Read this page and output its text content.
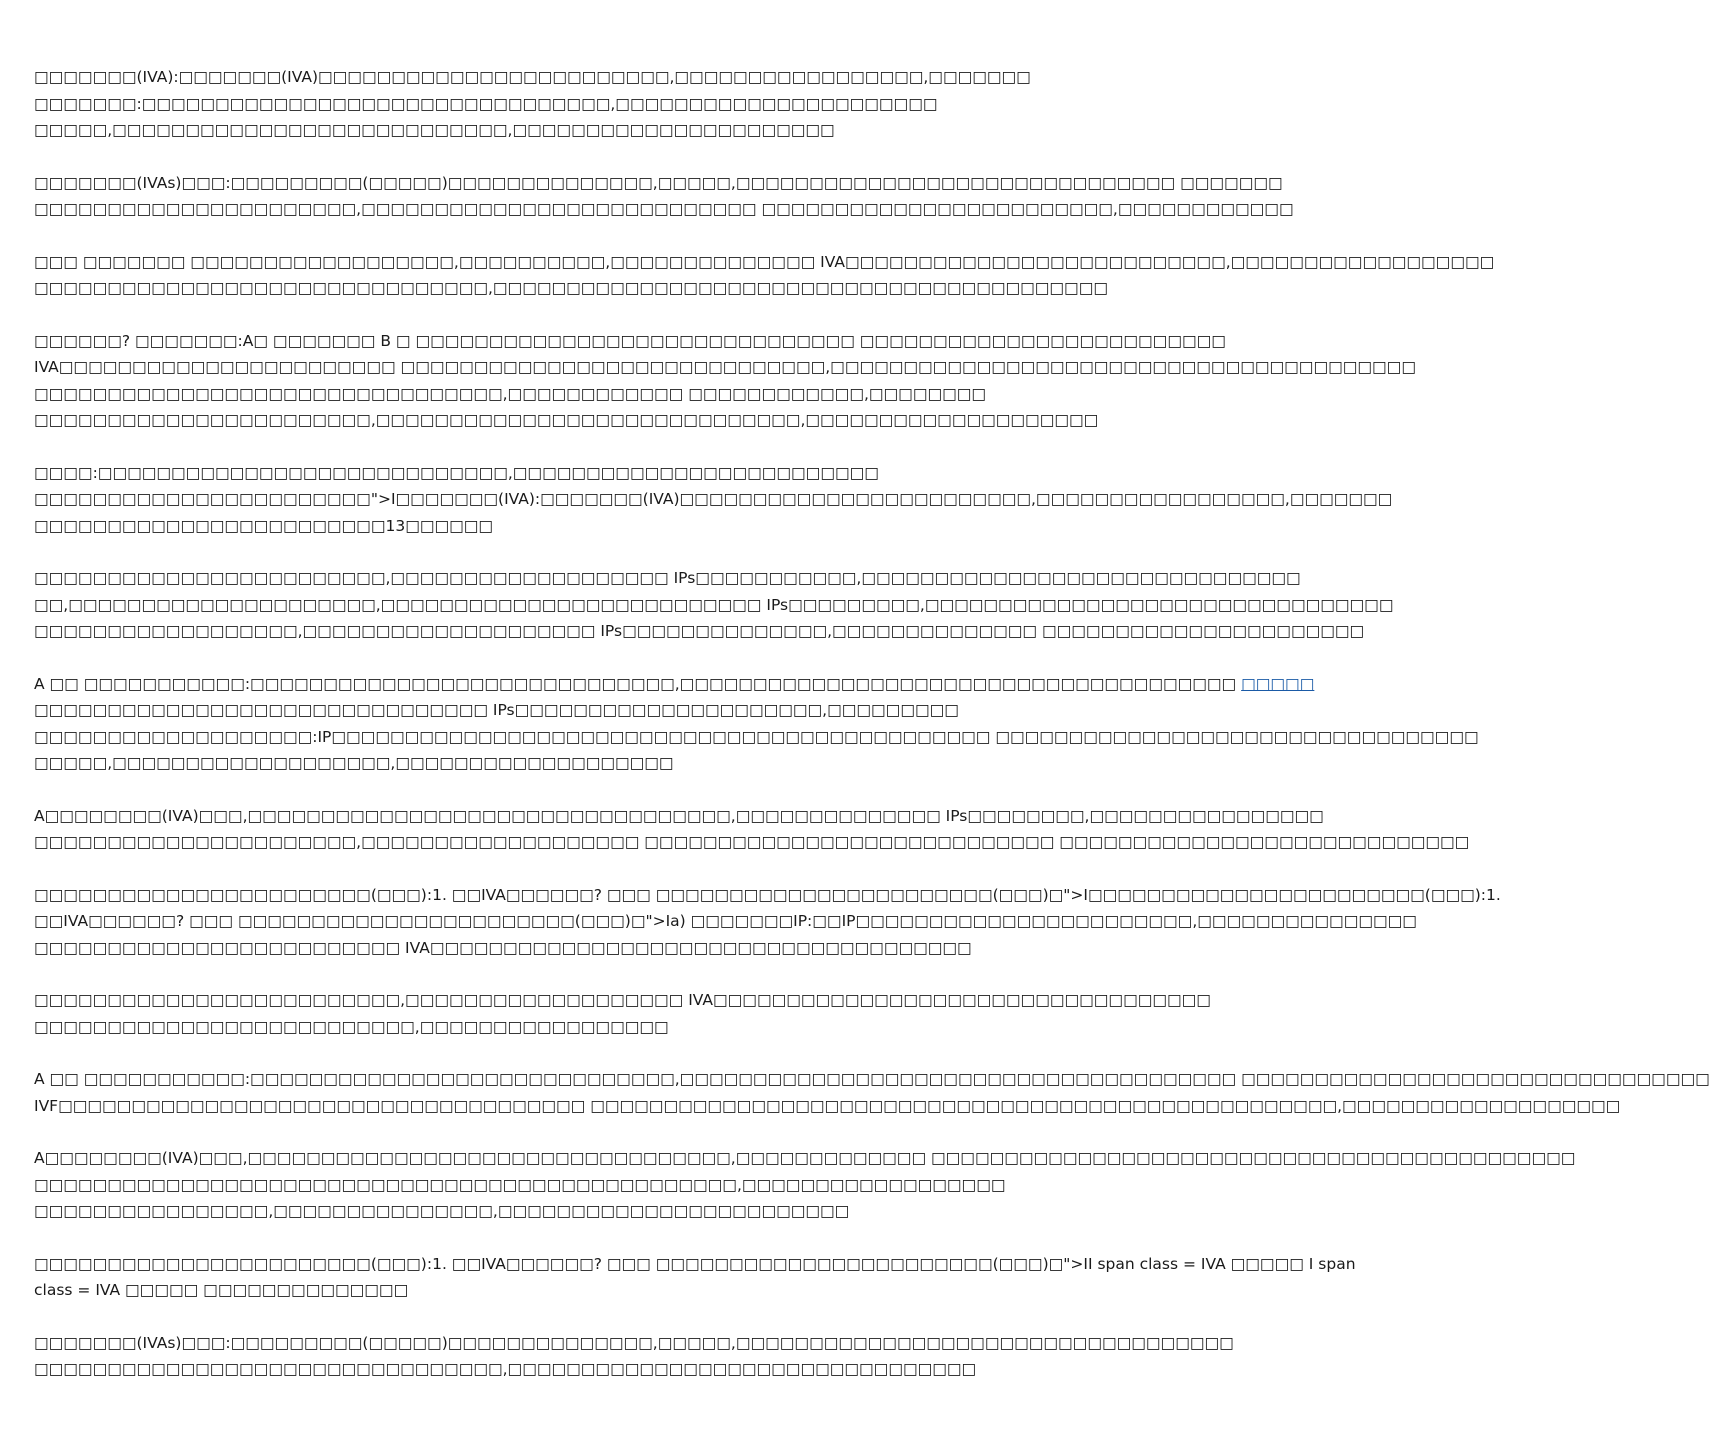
□□□□□□□(IVA):□□□□□□□(IVA)□□□□□□□□□□□□□□□□□□□□□□□□,□□□□□□□□□□□□□□□□□,□□□□□□□
□□□□□□□:□□□□□□□□□□□□□□□□□□□□□□□□□□□□□□□□,□□□□□□□□□□□□□□□□□□□□□□
□□□□□,□□□□□□□□□□□□□□□□□□□□□□□□□□□,□□□□□□□□□□□□□□□□□□□□□□

□□□□□□□(IVAs)□□□:□□□□□□□□□(□□□□□)□□□□□□□□□□□□□□,□□□□□,□□□□□□□□□□□□□□□□□□□□□□□□□□□□□□ □□□□□□□
□□□□□□□□□□□□□□□□□□□□□□,□□□□□□□□□□□□□□□□□□□□□□□□□□□ □□□□□□□□□□□□□□□□□□□□□□□□,□□□□□□□□□□□□

□□□ □□□□□□□ □□□□□□□□□□□□□□□□□□,□□□□□□□□□□,□□□□□□□□□□□□□□ IVA□□□□□□□□□□□□□□□□□□□□□□□□□□,□□□□□□□□□□□□□□□□□□
□□□□□□□□□□□□□□□□□□□□□□□□□□□□□□□,□□□□□□□□□□□□□□□□□□□□□□□□□□□□□□□□□□□□□□□□□□

□□□□□□? □□□□□□□:A□ □□□□□□□ B □ □□□□□□□□□□□□□□□□□□□□□□□□□□□□□□ □□□□□□□□□□□□□□□□□□□□□□□□□
IVA□□□□□□□□□□□□□□□□□□□□□□□ □□□□□□□□□□□□□□□□□□□□□□□□□□□□□,□□□□□□□□□□□□□□□□□□□□□□□□□□□□□□□□□□□□□□□□
□□□□□□□□□□□□□□□□□□□□□□□□□□□□□□□□,□□□□□□□□□□□□ □□□□□□□□□□□□,□□□□□□□□
□□□□□□□□□□□□□□□□□□□□□□□,□□□□□□□□□□□□□□□□□□□□□□□□□□□□□,□□□□□□□□□□□□□□□□□□□□

□□□□:□□□□□□□□□□□□□□□□□□□□□□□□□□□□,□□□□□□□□□□□□□□□□□□□□□□□□□
□□□□□□□□□□□□□□□□□□□□□□□">I□□□□□□□(IVA):□□□□□□□(IVA)□□□□□□□□□□□□□□□□□□□□□□□□,□□□□□□□□□□□□□□□□□,□□□□□□□
□□□□□□□□□□□□□□□□□□□□□□□□13□□□□□□

□□□□□□□□□□□□□□□□□□□□□□□□,□□□□□□□□□□□□□□□□□□□ IPs□□□□□□□□□□□,□□□□□□□□□□□□□□□□□□□□□□□□□□□□□□
□□,□□□□□□□□□□□□□□□□□□□□□,□□□□□□□□□□□□□□□□□□□□□□□□□□ IPs□□□□□□□□□,□□□□□□□□□□□□□□□□□□□□□□□□□□□□□□□□
□□□□□□□□□□□□□□□□□□,□□□□□□□□□□□□□□□□□□□□ IPs□□□□□□□□□□□□□□,□□□□□□□□□□□□□□ □□□□□□□□□□□□□□□□□□□□□□

A □□ □□□□□□□□□□□:□□□□□□□□□□□□□□□□□□□□□□□□□□□□□,□□□□□□□□□□□□□□□□□□□□□□□□□□□□□□□□□□□□□□ □□□□□
□□□□□□□□□□□□□□□□□□□□□□□□□□□□□□□ IPs□□□□□□□□□□□□□□□□□□□□□,□□□□□□□□□
□□□□□□□□□□□□□□□□□□□:IP□□□□□□□□□□□□□□□□□□□□□□□□□□□□□□□□□□□□□□□□□□□□□ □□□□□□□□□□□□□□□□□□□□□□□□□□□□□□□□□
□□□□□,□□□□□□□□□□□□□□□□□□□,□□□□□□□□□□□□□□□□□□□

A□□□□□□□□(IVA)□□□,□□□□□□□□□□□□□□□□□□□□□□□□□□□□□□□□□,□□□□□□□□□□□□□□ IPs□□□□□□□□,□□□□□□□□□□□□□□□□
□□□□□□□□□□□□□□□□□□□□□□,□□□□□□□□□□□□□□□□□□□ □□□□□□□□□□□□□□□□□□□□□□□□□□□□ □□□□□□□□□□□□□□□□□□□□□□□□□□□□

□□□□□□□□□□□□□□□□□□□□□□□(□□□):1. □□IVA□□□□□□? □□□ □□□□□□□□□□□□□□□□□□□□□□□(□□□)□">I□□□□□□□□□□□□□□□□□□□□□□□(□□□):1.
□□IVA□□□□□□? □□□ □□□□□□□□□□□□□□□□□□□□□□□(□□□)□">Ia) □□□□□□□IP:□□IP□□□□□□□□□□□□□□□□□□□□□□□,□□□□□□□□□□□□□□□
□□□□□□□□□□□□□□□□□□□□□□□□□ IVA□□□□□□□□□□□□□□□□□□□□□□□□□□□□□□□□□□□□□

□□□□□□□□□□□□□□□□□□□□□□□□□,□□□□□□□□□□□□□□□□□□□ IVA□□□□□□□□□□□□□□□□□□□□□□□□□□□□□□□□□□
□□□□□□□□□□□□□□□□□□□□□□□□□□,□□□□□□□□□□□□□□□□□

A □□ □□□□□□□□□□□:□□□□□□□□□□□□□□□□□□□□□□□□□□□□□,□□□□□□□□□□□□□□□□□□□□□□□□□□□□□□□□□□□□□□ □□□□□□□□□□□□□□□□□□□□□□□□□□□□□□□□
IVF□□□□□□□□□□□□□□□□□□□□□□□□□□□□□□□□□□□□ □□□□□□□□□□□□□□□□□□□□□□□□□□□□□□□□□□□□□□□□□□□□□□□□□□□,□□□□□□□□□□□□□□□□□□□

A□□□□□□□□(IVA)□□□,□□□□□□□□□□□□□□□□□□□□□□□□□□□□□□□□□,□□□□□□□□□□□□□ □□□□□□□□□□□□□□□□□□□□□□□□□□□□□□□□□□□□□□□□□□□□
□□□□□□□□□□□□□□□□□□□□□□□□□□□□□□□□□□□□□□□□□□□□□□□□,□□□□□□□□□□□□□□□□□□
□□□□□□□□□□□□□□□□,□□□□□□□□□□□□□□□,□□□□□□□□□□□□□□□□□□□□□□□□

□□□□□□□□□□□□□□□□□□□□□□□(□□□):1. □□IVA□□□□□□? □□□ □□□□□□□□□□□□□□□□□□□□□□□(□□□)□">II span class = IVA □□□□□ I span
class = IVA □□□□□ □□□□□□□□□□□□□□

□□□□□□□(IVAs)□□□:□□□□□□□□□(□□□□□)□□□□□□□□□□□□□□,□□□□□,□□□□□□□□□□□□□□□□□□□□□□□□□□□□□□□□□□
□□□□□□□□□□□□□□□□□□□□□□□□□□□□□□□□,□□□□□□□□□□□□□□□□□□□□□□□□□□□□□□□□
